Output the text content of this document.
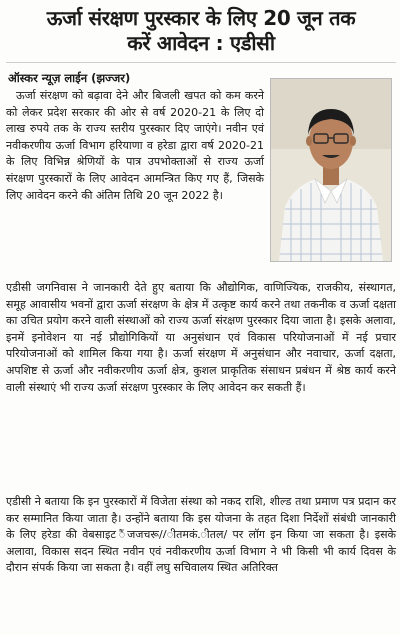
ऊर्जा संरक्षण पुरस्कार के लिए 20 जून तक
करें आवेदन : एडीसी

ऑस्कर न्यूज़ लाईन (झज्जर)

ऊर्जा संरक्षण को बढ़ावा देने और बिजली खपत को कम करने को लेकर प्रदेश सरकार की ओर से वर्ष 2020-21 के लिए दो लाख रुपये तक के राज्य स्तरीय पुरस्कार दिए जाएंगे। नवीन एवं नवीकरणीय ऊर्जा विभाग हरियाणा व हरेडा द्वारा वर्ष 2020-21 के लिए विभिन्न श्रेणियों के पात्र उपभोक्ताओं से राज्य ऊर्जा संरक्षण पुरस्कारों के लिए आवेदन आमन्त्रित किए गए हैं, जिसके लिए आवेदन करने की अंतिम तिथि 20 जून 2022 है।

एडीसी जगनिवास ने जानकारी देते हुए बताया कि औद्योगिक, वाणिज्यिक, राजकीय, संस्थागत, समूह आवासीय भवनों द्वारा ऊर्जा संरक्षण के क्षेत्र में उत्कृष्ट कार्य करने तथा तकनीक व ऊर्जा दक्षता का उचित प्रयोग करने वाली संस्थाओं को राज्य ऊर्जा संरक्षण पुरस्कार दिया जाता है। इसके अलावा, इनमें इनोवेशन या नई प्रौद्योगिकियों या अनुसंधान एवं विकास परियोजनाओं में नई प्रचार परियोजनाओं को शामिल किया गया है। ऊर्जा संरक्षण में अनुसंधान और नवाचार, ऊर्जा दक्षता, अपशिष्ट से ऊर्जा और नवीकरणीय ऊर्जा क्षेत्र, कुशल प्राकृतिक संसाधन प्रबंधन में श्रेष्ठ कार्य करने वाली संस्थाएं भी राज्य ऊर्जा संरक्षण पुरस्कार के लिए आवेदन कर सकती हैं।

एडीसी ने बताया कि इन पुरस्कारों में विजेता संस्था को नकद राशि, शील्ड तथा प्रमाण पत्र प्रदान कर कर सम्मानित किया जाता है। उन्होंने बताया कि इस योजना के तहत दिशा निर्देशों संबंधी जानकारी के लिए हरेडा की वेबसाइट ैंजजचरू//ीतमकं.ीतल/ पर लॉग इन किया जा सकता है। इसके अलावा, विकास सदन स्थित नवीन एवं नवीकरणीय ऊर्जा विभाग ने भी किसी भी कार्य दिवस के दौरान संपर्क किया जा सकता है। वहीं लघु सचिवालय स्थित अतिरिक्त
